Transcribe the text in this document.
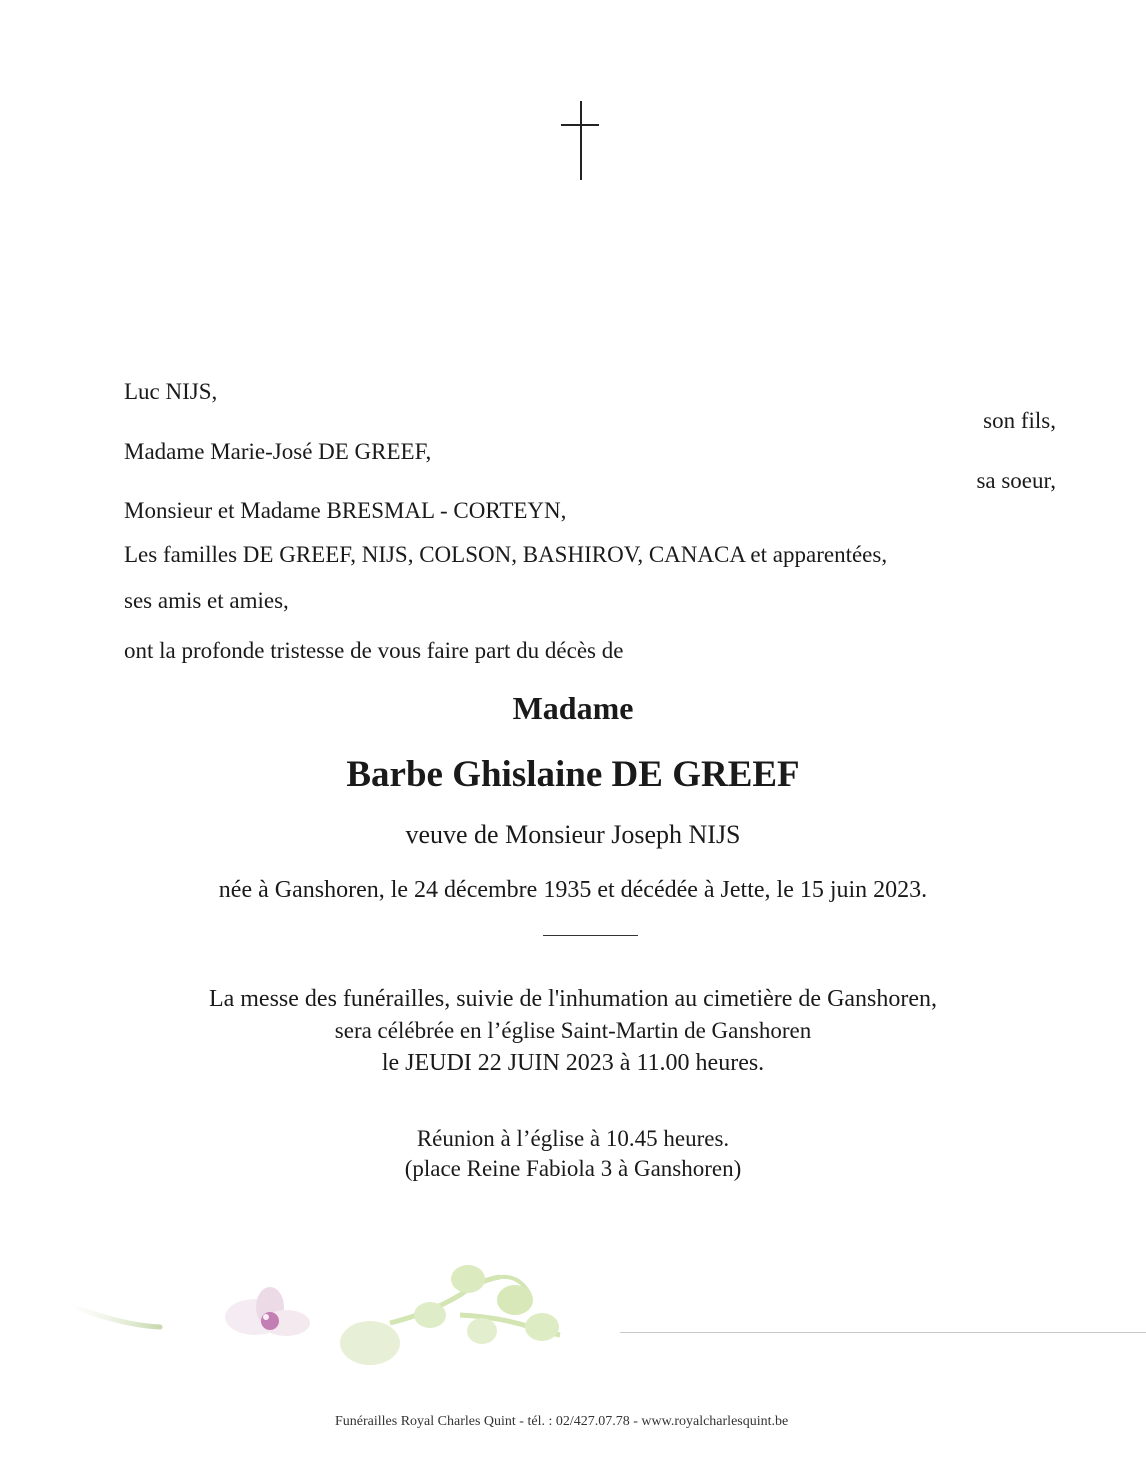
Luc NIJS,
son fils,
Madame Marie-José DE GREEF,
sa soeur,
Monsieur et Madame BRESMAL - CORTEYN,
Les familles DE GREEF, NIJS, COLSON, BASHIROV, CANACA et apparentées,
ses amis et amies,
ont la profonde tristesse de vous faire part du décès de
Madame
Barbe Ghislaine DE GREEF
veuve de Monsieur Joseph NIJS
née à Ganshoren, le 24 décembre 1935 et décédée à Jette, le 15 juin 2023.
La messe des funérailles, suivie de l'inhumation au cimetière de Ganshoren,
sera célébrée en l’église Saint-Martin de Ganshoren
le JEUDI 22 JUIN 2023 à 11.00 heures.
Réunion à l’église à 10.45 heures.
(place Reine Fabiola 3 à Ganshoren)
Funérailles Royal Charles Quint - tél. : 02/427.07.78 - www.royalcharlesquint.be
